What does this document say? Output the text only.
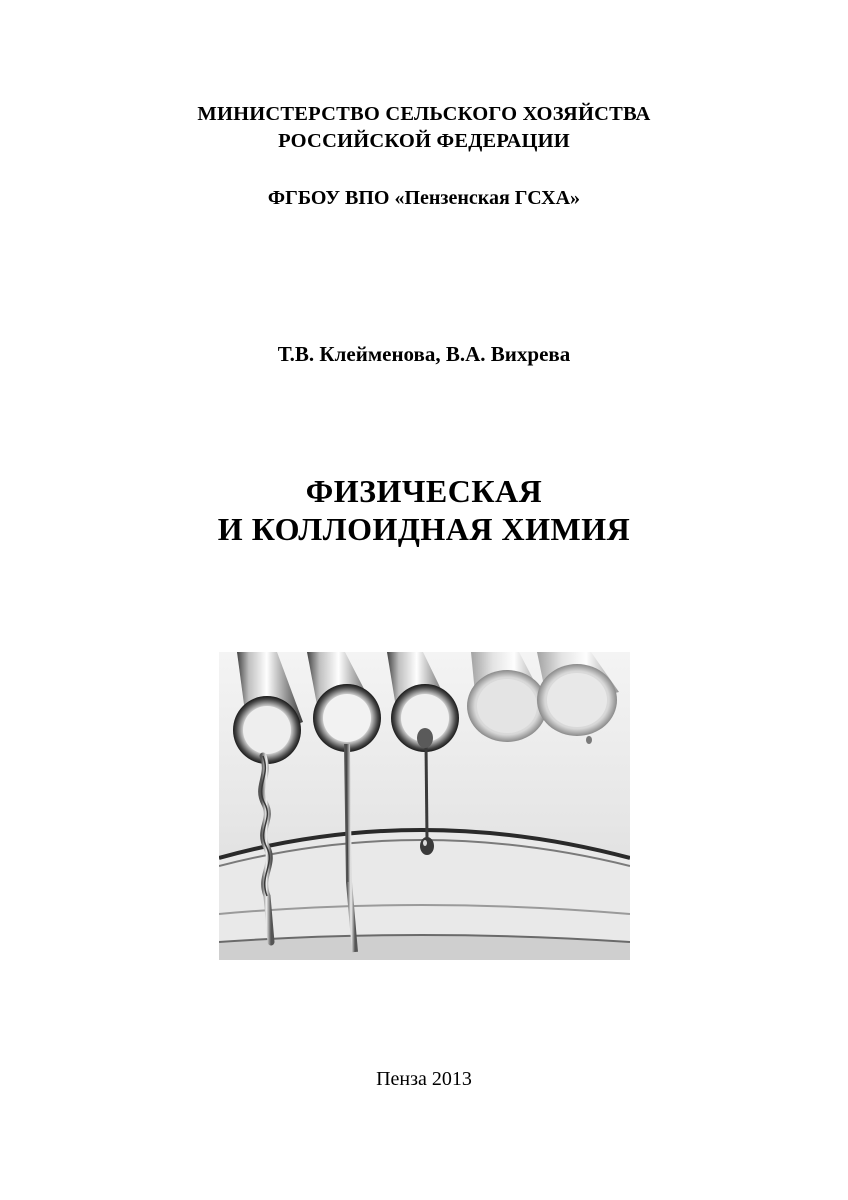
МИНИСТЕРСТВО СЕЛЬСКОГО ХОЗЯЙСТВА
РОССИЙСКОЙ ФЕДЕРАЦИИ
ФГБОУ ВПО «Пензенская ГСХА»
Т.В. Клейменова, В.А. Вихрева
ФИЗИЧЕСКАЯ
И КОЛЛОИДНАЯ ХИМИЯ
Пенза 2013
